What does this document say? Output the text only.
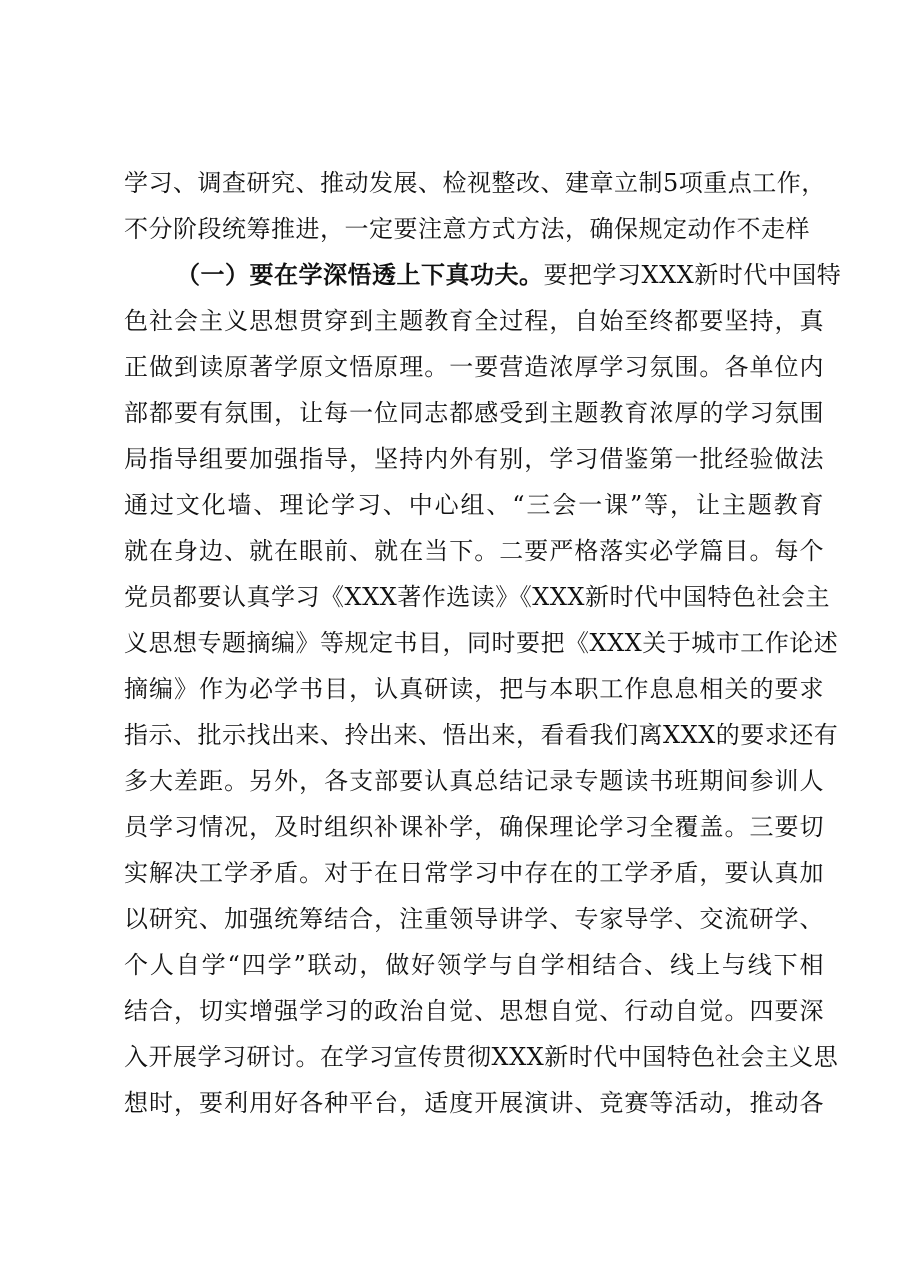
学习、调查研究、推动发展、检视整改、建章立制5项重点工作，
不分阶段统筹推进，一定要注意方式方法，确保规定动作不走样
（一）要在学深悟透上下真功夫。要把学习XXX新时代中国特
色社会主义思想贯穿到主题教育全过程，自始至终都要坚持，真
正做到读原著学原文悟原理。一要营造浓厚学习氛围。各单位内
部都要有氛围，让每一位同志都感受到主题教育浓厚的学习氛围
局指导组要加强指导，坚持内外有别，学习借鉴第一批经验做法
通过文化墙、理论学习、中心组、“三会一课”等，让主题教育
就在身边、就在眼前、就在当下。二要严格落实必学篇目。每个
党员都要认真学习《XXX著作选读》《XXX新时代中国特色社会主
义思想专题摘编》等规定书目，同时要把《XXX关于城市工作论述
摘编》作为必学书目，认真研读，把与本职工作息息相关的要求
指示、批示找出来、拎出来、悟出来，看看我们离XXX的要求还有
多大差距。另外，各支部要认真总结记录专题读书班期间参训人
员学习情况，及时组织补课补学，确保理论学习全覆盖。三要切
实解决工学矛盾。对于在日常学习中存在的工学矛盾，要认真加
以研究、加强统筹结合，注重领导讲学、专家导学、交流研学、
个人自学“四学”联动，做好领学与自学相结合、线上与线下相
结合，切实增强学习的政治自觉、思想自觉、行动自觉。四要深
入开展学习研讨。在学习宣传贯彻XXX新时代中国特色社会主义思
想时，要利用好各种平台，适度开展演讲、竞赛等活动，推动各
